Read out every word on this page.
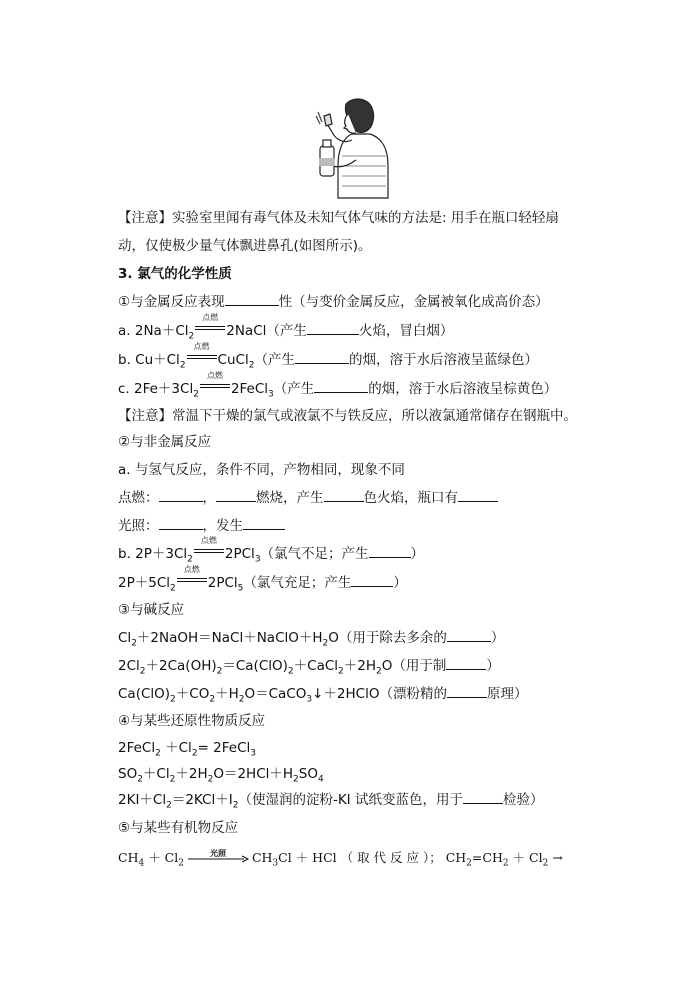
【注意】实验室里闻有毒气体及未知气体气味的方法是: 用手在瓶口轻轻扇
动，仅使极少量气体飘进鼻孔(如图所示)。
3. 氯气的化学性质
①与金属反应表现	性（与变价金属反应，金属被氧化成高价态）
a. $2Na+Cl_2$
点燃
2NaCl（产生	火焰，冒白烟）
b. $Cu+Cl_2$
点燃
CuCl$_2$（产生	的烟，溶于水后溶液呈蓝绿色）
c. $2Fe+3Cl_2$
点燃
2FeCl$_3$（产生	的烟，溶于水后溶液呈棕黄色）
【注意】常温下干燥的氯气或液氯不与铁反应，所以液氯通常储存在钢瓶中。
②与非金属反应
a. 与氢气反应，条件不同，产物相同，现象不同
点燃：	，	燃烧，产生	色火焰，瓶口有
光照：	，发生
b. $2P+3Cl_2$
点燃
2PCl$_3$（氯气不足；产生	）
$2P+5Cl_2$
点燃
2PCl$_5$（氯气充足；产生	）
③与碱反应
$Cl_2+2NaOH=NaCl+NaClO+H_2O$（用于除去多余的	）
$2Cl_2+2Ca(OH)_2=Ca(ClO)_2+CaCl_2+2H_2O$（用于制	）
$Ca(ClO)_2+CO_2+H_2O=CaCO_3↓+2HClO$（漂粉精的	原理）
④与某些还原性物质反应
2FeCl$_2$ $+Cl_2=$ 2FeCl$_3$
$SO_2+Cl_2+2H_2O=2HCl+H_2SO_4$
$2KI+Cl_2=2KCl+I_2$（使湿润的淀粉-KI 试纸变蓝色，用于	检验）
⑤与某些有机物反应
$CH_4 + Cl_2$
光照	$CH_3Cl$ ＋ HCl （ 取 代 反 应 ）； $CH_2=CH_2 + Cl_2$ →
